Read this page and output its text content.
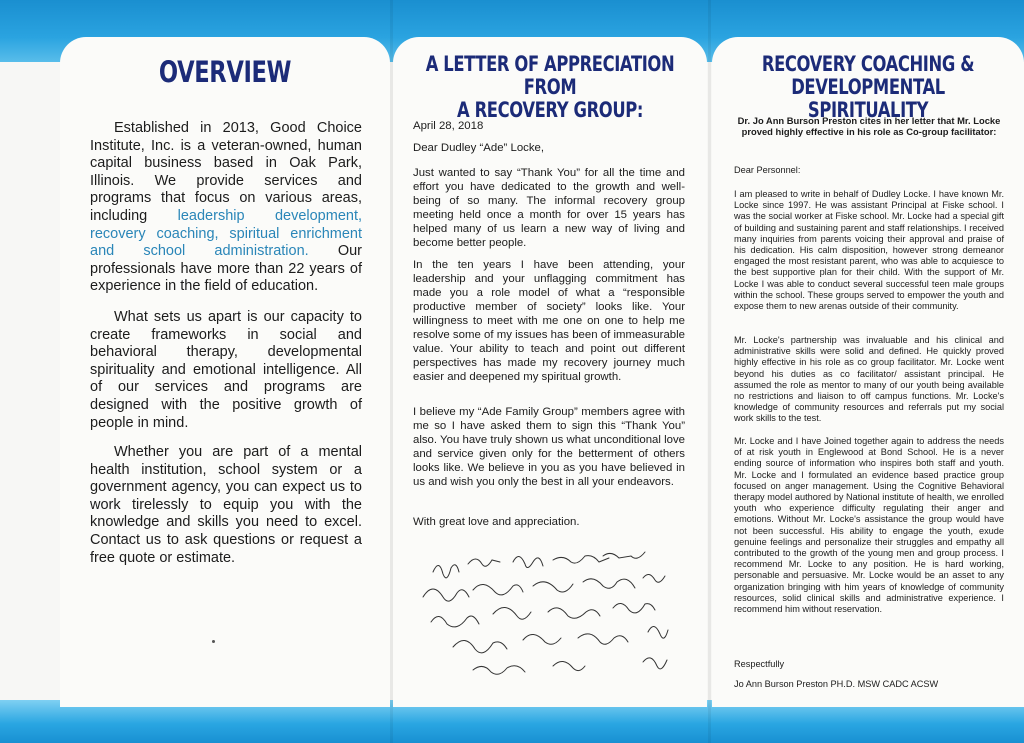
OVERVIEW

Established in 2013, Good Choice Institute, Inc. is a veteran-owned, human capital business based in Oak Park, Illinois. We provide services and programs that focus on various areas, including leadership development, recovery coaching, spiritual enrichment and school administration. Our professionals have more than 22 years of experience in the field of education.

What sets us apart is our capacity to create frameworks in social and behavioral therapy, developmental spirituality and emotional intelligence. All of our services and programs are designed with the positive growth of people in mind.

Whether you are part of a mental health institution, school system or a government agency, you can expect us to work tirelessly to equip you with the knowledge and skills you need to excel. Contact us to ask questions or request a free quote or estimate.

A LETTER OF APPRECIATION FROM
A RECOVERY GROUP:

April 28, 2018

Dear Dudley “Ade” Locke,

Just wanted to say “Thank You” for all the time and effort you have dedicated to the growth and well-being of so many. The informal recovery group meeting held once a month for over 15 years has helped many of us learn a new way of living and become better people.

In the ten years I have been attending, your leadership and your unflagging commitment has made you a role model of what a “responsible productive member of society” looks like. Your willingness to meet with me one on one to help me resolve some of my issues has been of immeasurable value. Your ability to teach and point out different perspectives has made my recovery journey much easier and deepened my spiritual growth.

I believe my “Ade Family Group” members agree with me so I have asked them to sign this “Thank You” also. You have truly shown us what unconditional love and service given only for the betterment of others looks like. We believe in you as you have believed in us and wish you only the best in all your endeavors.

With great love and appreciation.

RECOVERY COACHING &
DEVELOPMENTAL SPIRITUALITY

Dr. Jo Ann Burson Preston cites in her letter that Mr. Locke proved highly effective in his role as Co-group facilitator:

Dear Personnel:

I am pleased to write in behalf of Dudley Locke. I have known Mr. Locke since 1997. He was assistant Principal at Fiske school. I was the social worker at Fiske school. Mr. Locke had a special gift of building and sustaining parent and staff relationships. I received many inquiries from parents voicing their approval and praise of his dedication. His calm disposition, however strong demeanor engaged the most resistant parent, who was able to acquiesce to the best supportive plan for their child. With the support of Mr. Locke I was able to conduct several successful teen male groups within the school. These groups served to empower the youth and expose them to new arenas outside of their community.

Mr. Locke's partnership was invaluable and his clinical and administrative skills were solid and defined. He quickly proved highly effective in his role as co group facilitator. Mr. Locke went beyond his duties as co facilitator/ assistant principal. He assumed the role as mentor to many of our youth being available no restrictions and liaison to off campus functions. Mr. Locke's knowledge of community resources and referrals put my social work skills to the test.

Mr. Locke and I have Joined together again to address the needs of at risk youth in Englewood at Bond School. He is a never ending source of information who inspires both staff and youth. Mr. Locke and I formulated an evidence based practice group focused on anger management. Using the Cognitive Behavioral therapy model authored by National institute of health, we enrolled youth who experience difficulty regulating their anger and emotions. Without Mr. Locke's assistance the group would have not been successful. His ability to engage the youth, exude genuine feelings and personalize their struggles and empathy all contributed to the growth of the young men and group process. I recommend Mr. Locke to any position. He is hard working, personable and persuasive. Mr. Locke would be an asset to any organization bringing with him years of knowledge of community resources, solid clinical skills and administrative experience. I recommend him without reservation.

Respectfully

Jo Ann Burson Preston PH.D. MSW CADC ACSW
